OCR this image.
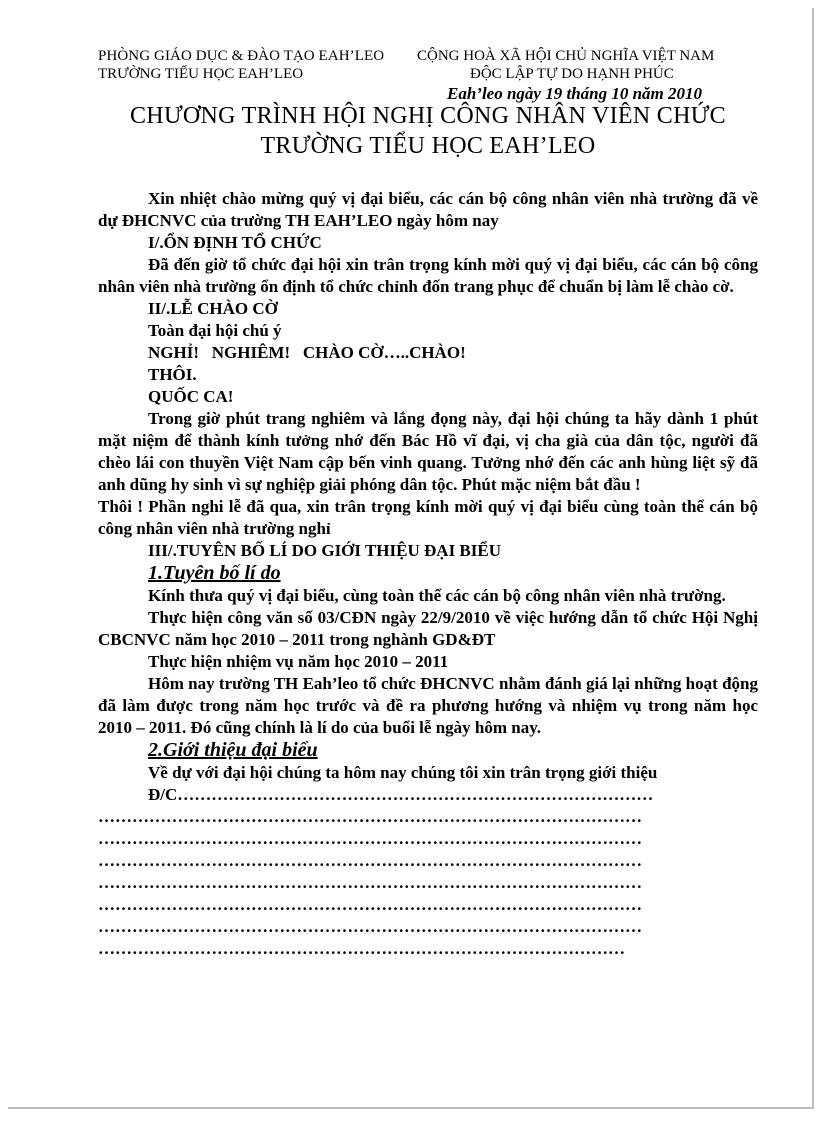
PHÒNG GIÁO DỤC & ĐÀO TẠO EAH’LEO
TRƯỜNG TIỂU HỌC EAH’LEO
CỘNG HOÀ XÃ HỘI CHỦ NGHĨA VIỆT NAM
ĐỘC LẬP TỰ DO HẠNH PHÚC
Eah’leo ngày 19 tháng 10 năm 2010
CHƯƠNG TRÌNH HỘI NGHỊ CÔNG NHÂN VIÊN CHỨC
TRƯỜNG TIỂU HỌC EAH’LEO

Xin nhiệt chào mừng quý vị đại biểu, các cán bộ công nhân viên nhà trường đã về dự ĐHCNVC của trường TH EAH’LEO ngày hôm nay

I/.ỔN ĐỊNH TỔ CHỨC

Đã đến giờ tổ chức đại hội xin trân trọng kính mời quý vị đại biểu, các cán bộ công nhân viên nhà trường ổn định tổ chức chỉnh đốn trang phục để chuẩn bị làm lễ chào cờ.

II/.LỄ CHÀO CỜ

Toàn đại hội chú ý

NGHỈ! NGHIÊM! CHÀO CỜ…..CHÀO!

THÔI.

QUỐC CA!

Trong giờ phút trang nghiêm và lắng đọng này, đại hội chúng ta hãy dành 1 phút mặt niệm để thành kính tưởng nhớ đến Bác Hồ vĩ đại, vị cha già của dân tộc, người đã chèo lái con thuyền Việt Nam cập bến vinh quang. Tưởng nhớ đến các anh hùng liệt sỹ đã anh dũng hy sinh vì sự nghiệp giải phóng dân tộc. Phút mặc niệm bắt đầu !

Thôi ! Phần nghi lễ đã qua, xin trân trọng kính mời quý vị đại biểu cùng toàn thể cán bộ công nhân viên nhà trường nghỉ

III/.TUYÊN BỐ LÍ DO GIỚI THIỆU ĐẠI BIỂU

1.Tuyên bố lí do

Kính thưa quý vị đại biểu, cùng toàn thể các cán bộ công nhân viên nhà trường.

Thực hiện công văn số 03/CĐN ngày 22/9/2010 về việc hướng dẫn tổ chức Hội Nghị CBCNVC năm học 2010 – 2011 trong nghành GD&ĐT

Thực hiện nhiệm vụ năm học 2010 – 2011

Hôm nay trường TH Eah’leo tổ chức ĐHCNVC nhằm đánh giá lại những hoạt động đã làm được trong năm học trước và đề ra phương hướng và nhiệm vụ trong năm học 2010 – 2011. Đó cũng chính là lí do của buổi lễ ngày hôm nay.

2.Giới thiệu đại biểu

Về dự với đại hội chúng ta hôm nay chúng tôi xin trân trọng giới thiệu

Đ/C…………………………………………………………………………

……………………………………………………………………………………

……………………………………………………………………………………

……………………………………………………………………………………

……………………………………………………………………………………

……………………………………………………………………………………

……………………………………………………………………………………

…………………………………………………………………………………
